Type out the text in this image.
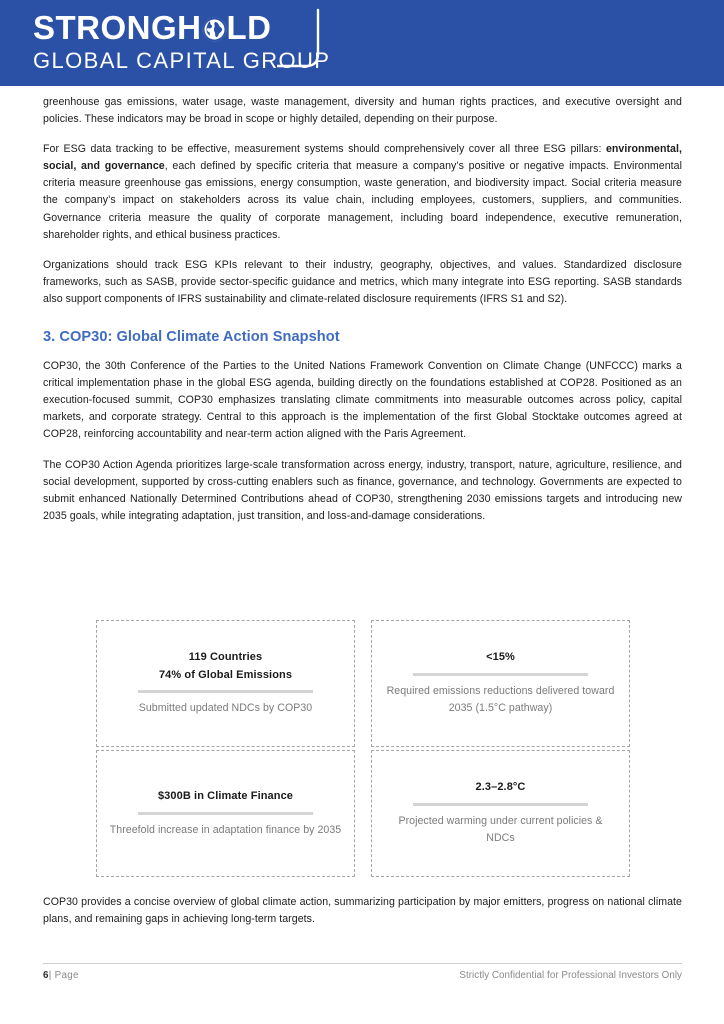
STRONGH LD
GLOBAL CAPITAL GROUP

greenhouse gas emissions, water usage, waste management, diversity and human rights practices, and executive oversight and policies. These indicators may be broad in scope or highly detailed, depending on their purpose.

For ESG data tracking to be effective, measurement systems should comprehensively cover all three ESG pillars: environmental, social, and governance, each defined by specific criteria that measure a company’s positive or negative impacts. Environmental criteria measure greenhouse gas emissions, energy consumption, waste generation, and biodiversity impact. Social criteria measure the company’s impact on stakeholders across its value chain, including employees, customers, suppliers, and communities. Governance criteria measure the quality of corporate management, including board independence, executive remuneration, shareholder rights, and ethical business practices.

Organizations should track ESG KPIs relevant to their industry, geography, objectives, and values. Standardized disclosure frameworks, such as SASB, provide sector-specific guidance and metrics, which many integrate into ESG reporting. SASB standards also support components of IFRS sustainability and climate-related disclosure requirements (IFRS S1 and S2).

3. COP30: Global Climate Action Snapshot

COP30, the 30th Conference of the Parties to the United Nations Framework Convention on Climate Change (UNFCCC) marks a critical implementation phase in the global ESG agenda, building directly on the foundations established at COP28. Positioned as an execution-focused summit, COP30 emphasizes translating climate commitments into measurable outcomes across policy, capital markets, and corporate strategy. Central to this approach is the implementation of the first Global Stocktake outcomes agreed at COP28, reinforcing accountability and near-term action aligned with the Paris Agreement.

The COP30 Action Agenda prioritizes large-scale transformation across energy, industry, transport, nature, agriculture, resilience, and social development, supported by cross-cutting enablers such as finance, governance, and technology. Governments are expected to submit enhanced Nationally Determined Contributions ahead of COP30, strengthening 2030 emissions targets and introducing new 2035 goals, while integrating adaptation, just transition, and loss-and-damage considerations.

119 Countries
74% of Global Emissions
Submitted updated NDCs by COP30
<15%
Required emissions reductions delivered toward 2035 (1.5°C pathway)
$300B in Climate Finance
Threefold increase in adaptation finance by 2035
2.3–2.8°C
Projected warming under current policies & NDCs

COP30 provides a concise overview of global climate action, summarizing participation by major emitters, progress on national climate plans, and remaining gaps in achieving long-term targets.

6| Page	Strictly Confidential for Professional Investors Only
